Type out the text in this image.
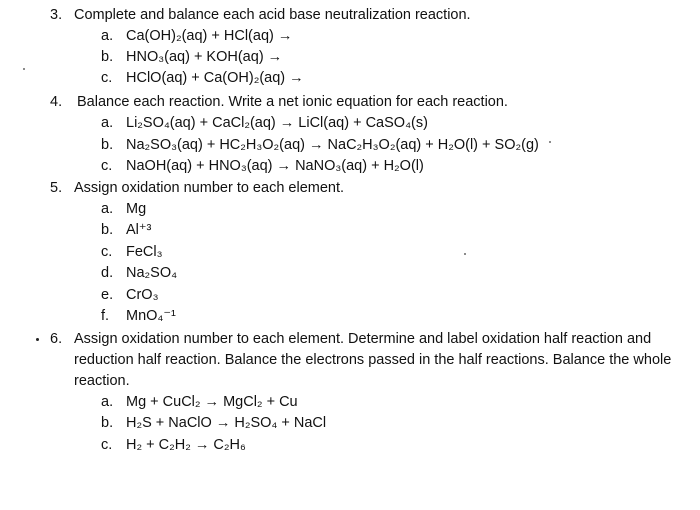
3. Complete and balance each acid base neutralization reaction.
a. Ca(OH)₂(aq) + HCl(aq) →
b. HNO₃(aq) + KOH(aq) →
c. HClO(aq) + Ca(OH)₂(aq) →
4. Balance each reaction. Write a net ionic equation for each reaction.
a. Li₂SO₄(aq) + CaCl₂(aq) → LiCl(aq) + CaSO₄(s)
b. Na₂SO₃(aq) + HC₂H₃O₂(aq) → NaC₂H₃O₂(aq) + H₂O(l) + SO₂(g)
c. NaOH(aq) + HNO₃(aq) → NaNO₃(aq) + H₂O(l)
5. Assign oxidation number to each element.
a. Mg
b. Al⁺³
c. FeCl₃
d. Na₂SO₄
e. CrO₃
f. MnO₄⁻¹
6. Assign oxidation number to each element. Determine and label oxidation half reaction and
reduction half reaction. Balance the electrons passed in the half reactions. Balance the whole
reaction.
a. Mg + CuCl₂ → MgCl₂ + Cu
b. H₂S + NaClO → H₂SO₄ + NaCl
c. H₂ + C₂H₂ → C₂H₆
